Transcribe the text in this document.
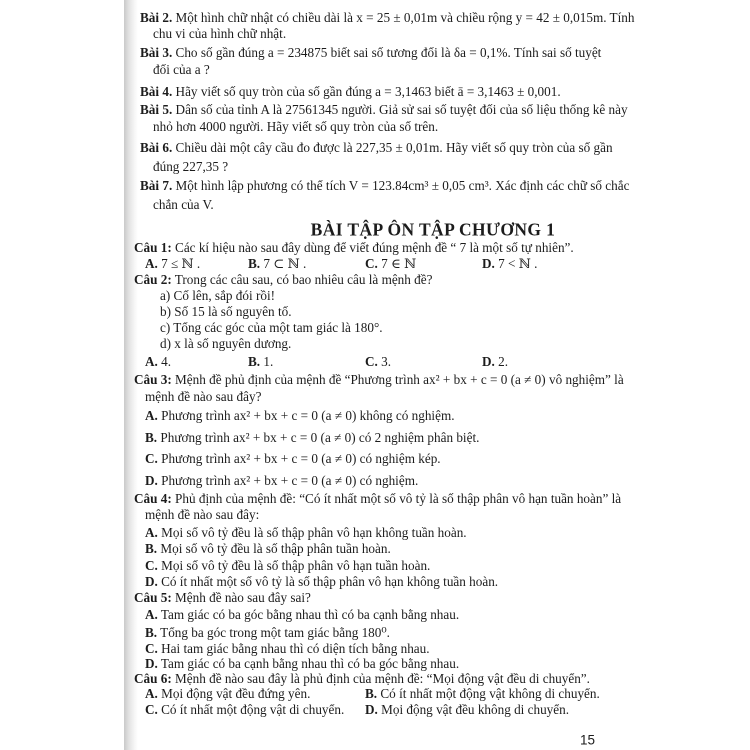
Bài 2. Một hình chữ nhật có chiều dài là x = 25 ± 0,01m và chiều rộng y = 42 ± 0,015m. Tính
chu vi của hình chữ nhật.
Bài 3. Cho số gần đúng a = 234875 biết sai số tương đối là δa = 0,1%. Tính sai số tuyệt
đối của a ?
Bài 4. Hãy viết số quy tròn của số gần đúng a = 3,1463 biết ā = 3,1463 ± 0,001.
Bài 5. Dân số của tỉnh A là 27561345 người. Giả sử sai số tuyệt đối của số liệu thống kê này
nhỏ hơn 4000 người. Hãy viết số quy tròn của số trên.
Bài 6. Chiều dài một cây cầu đo được là 227,35 ± 0,01m. Hãy viết số quy tròn của số gần
đúng 227,35 ?
Bài 7. Một hình lập phương có thể tích V = 123.84cm³ ± 0,05 cm³. Xác định các chữ số chắc
chắn của V.
BÀI TẬP ÔN TẬP CHƯƠNG 1
Câu 1: Các kí hiệu nào sau đây dùng để viết đúng mệnh đề “ 7 là một số tự nhiên”.
A. 7 ≤ ℕ .	B. 7 ⊂ ℕ .	C. 7 ∈ ℕ	D. 7 < ℕ .
Câu 2: Trong các câu sau, có bao nhiêu câu là mệnh đề?
a) Cố lên, sắp đói rồi!
b) Số 15 là số nguyên tố.
c) Tổng các góc của một tam giác là 180°.
d) x là số nguyên dương.
A. 4.	B. 1.	C. 3.	D. 2.
Câu 3: Mệnh đề phủ định của mệnh đề “Phương trình ax² + bx + c = 0 (a ≠ 0) vô nghiệm” là
mệnh đề nào sau đây?
A. Phương trình ax² + bx + c = 0 (a ≠ 0) không có nghiệm.
B. Phương trình ax² + bx + c = 0 (a ≠ 0) có 2 nghiệm phân biệt.
C. Phương trình ax² + bx + c = 0 (a ≠ 0) có nghiệm kép.
D. Phương trình ax² + bx + c = 0 (a ≠ 0) có nghiệm.
Câu 4: Phủ định của mệnh đề: “Có ít nhất một số vô tỷ là số thập phân vô hạn tuần hoàn” là
mệnh đề nào sau đây:
A. Mọi số vô tỷ đều là số thập phân vô hạn không tuần hoàn.
B. Mọi số vô tỷ đều là số thập phân tuần hoàn.
C. Mọi số vô tỷ đều là số thập phân vô hạn tuần hoàn.
D. Có ít nhất một số vô tỷ là số thập phân vô hạn không tuần hoàn.
Câu 5: Mệnh đề nào sau đây sai?
A. Tam giác có ba góc bằng nhau thì có ba cạnh bằng nhau.
B. Tổng ba góc trong một tam giác bằng 180⁰.
C. Hai tam giác bằng nhau thì có diện tích bằng nhau.
D. Tam giác có ba cạnh bằng nhau thì có ba góc bằng nhau.
Câu 6: Mệnh đề nào sau đây là phủ định của mệnh đề: “Mọi động vật đều di chuyển”.
A. Mọi động vật đều đứng yên.	B. Có ít nhất một động vật không di chuyển.
C. Có ít nhất một động vật di chuyển. D. Mọi động vật đều không di chuyển.
15
